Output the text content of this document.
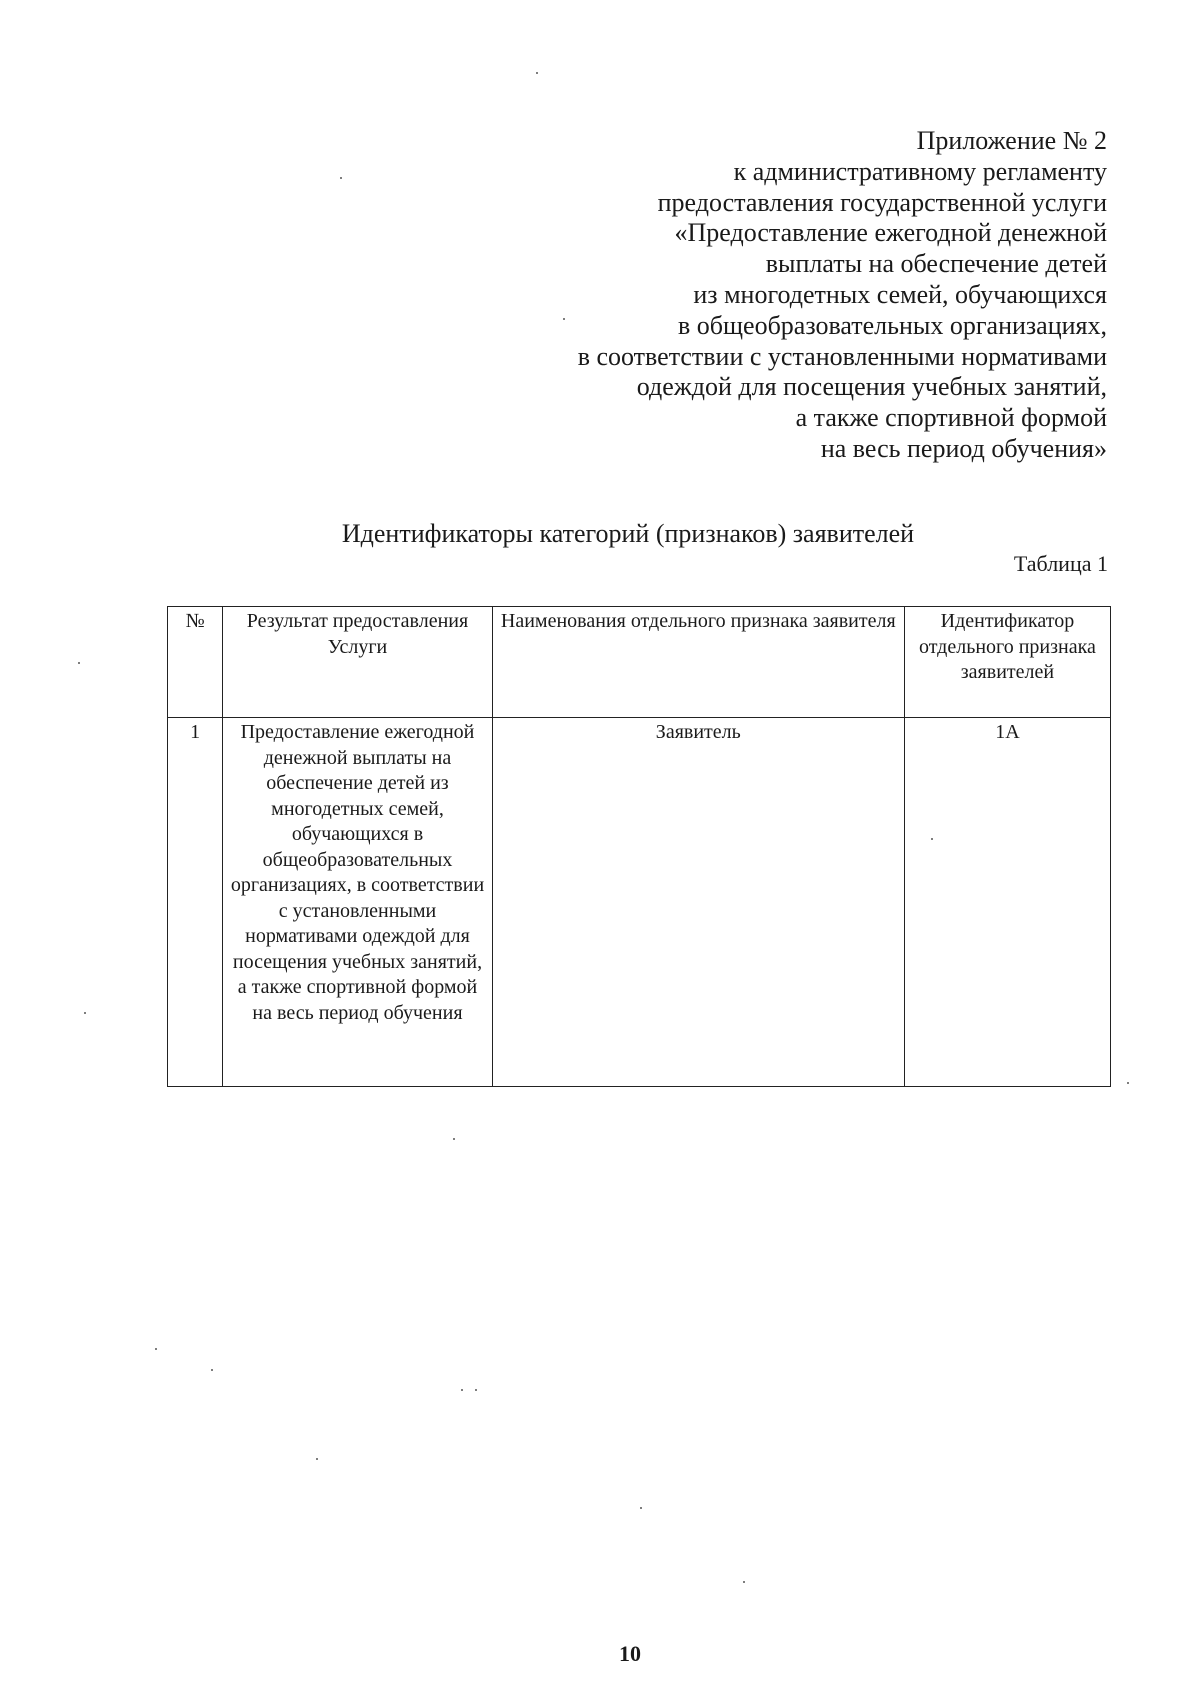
Приложение № 2
к административному регламенту
предоставления государственной услуги
«Предоставление ежегодной денежной
выплаты на обеспечение детей
из многодетных семей, обучающихся
в общеобразовательных организациях,
в соответствии с установленными нормативами
одеждой для посещения учебных занятий,
а также спортивной формой
на весь период обучения»
Идентификаторы категорий (признаков) заявителей
Таблица 1
№	Результат предоставления Услуги	Наименования отдельного признака заявителя	Идентификатор отдельного признака заявителей
1	Предоставление ежегодной денежной выплаты на обеспечение детей из многодетных семей, обучающихся в общеобразовательных организациях, в соответствии с установленными нормативами одеждой для посещения учебных занятий, а также спортивной формой на весь период обучения	Заявитель	1А
10
